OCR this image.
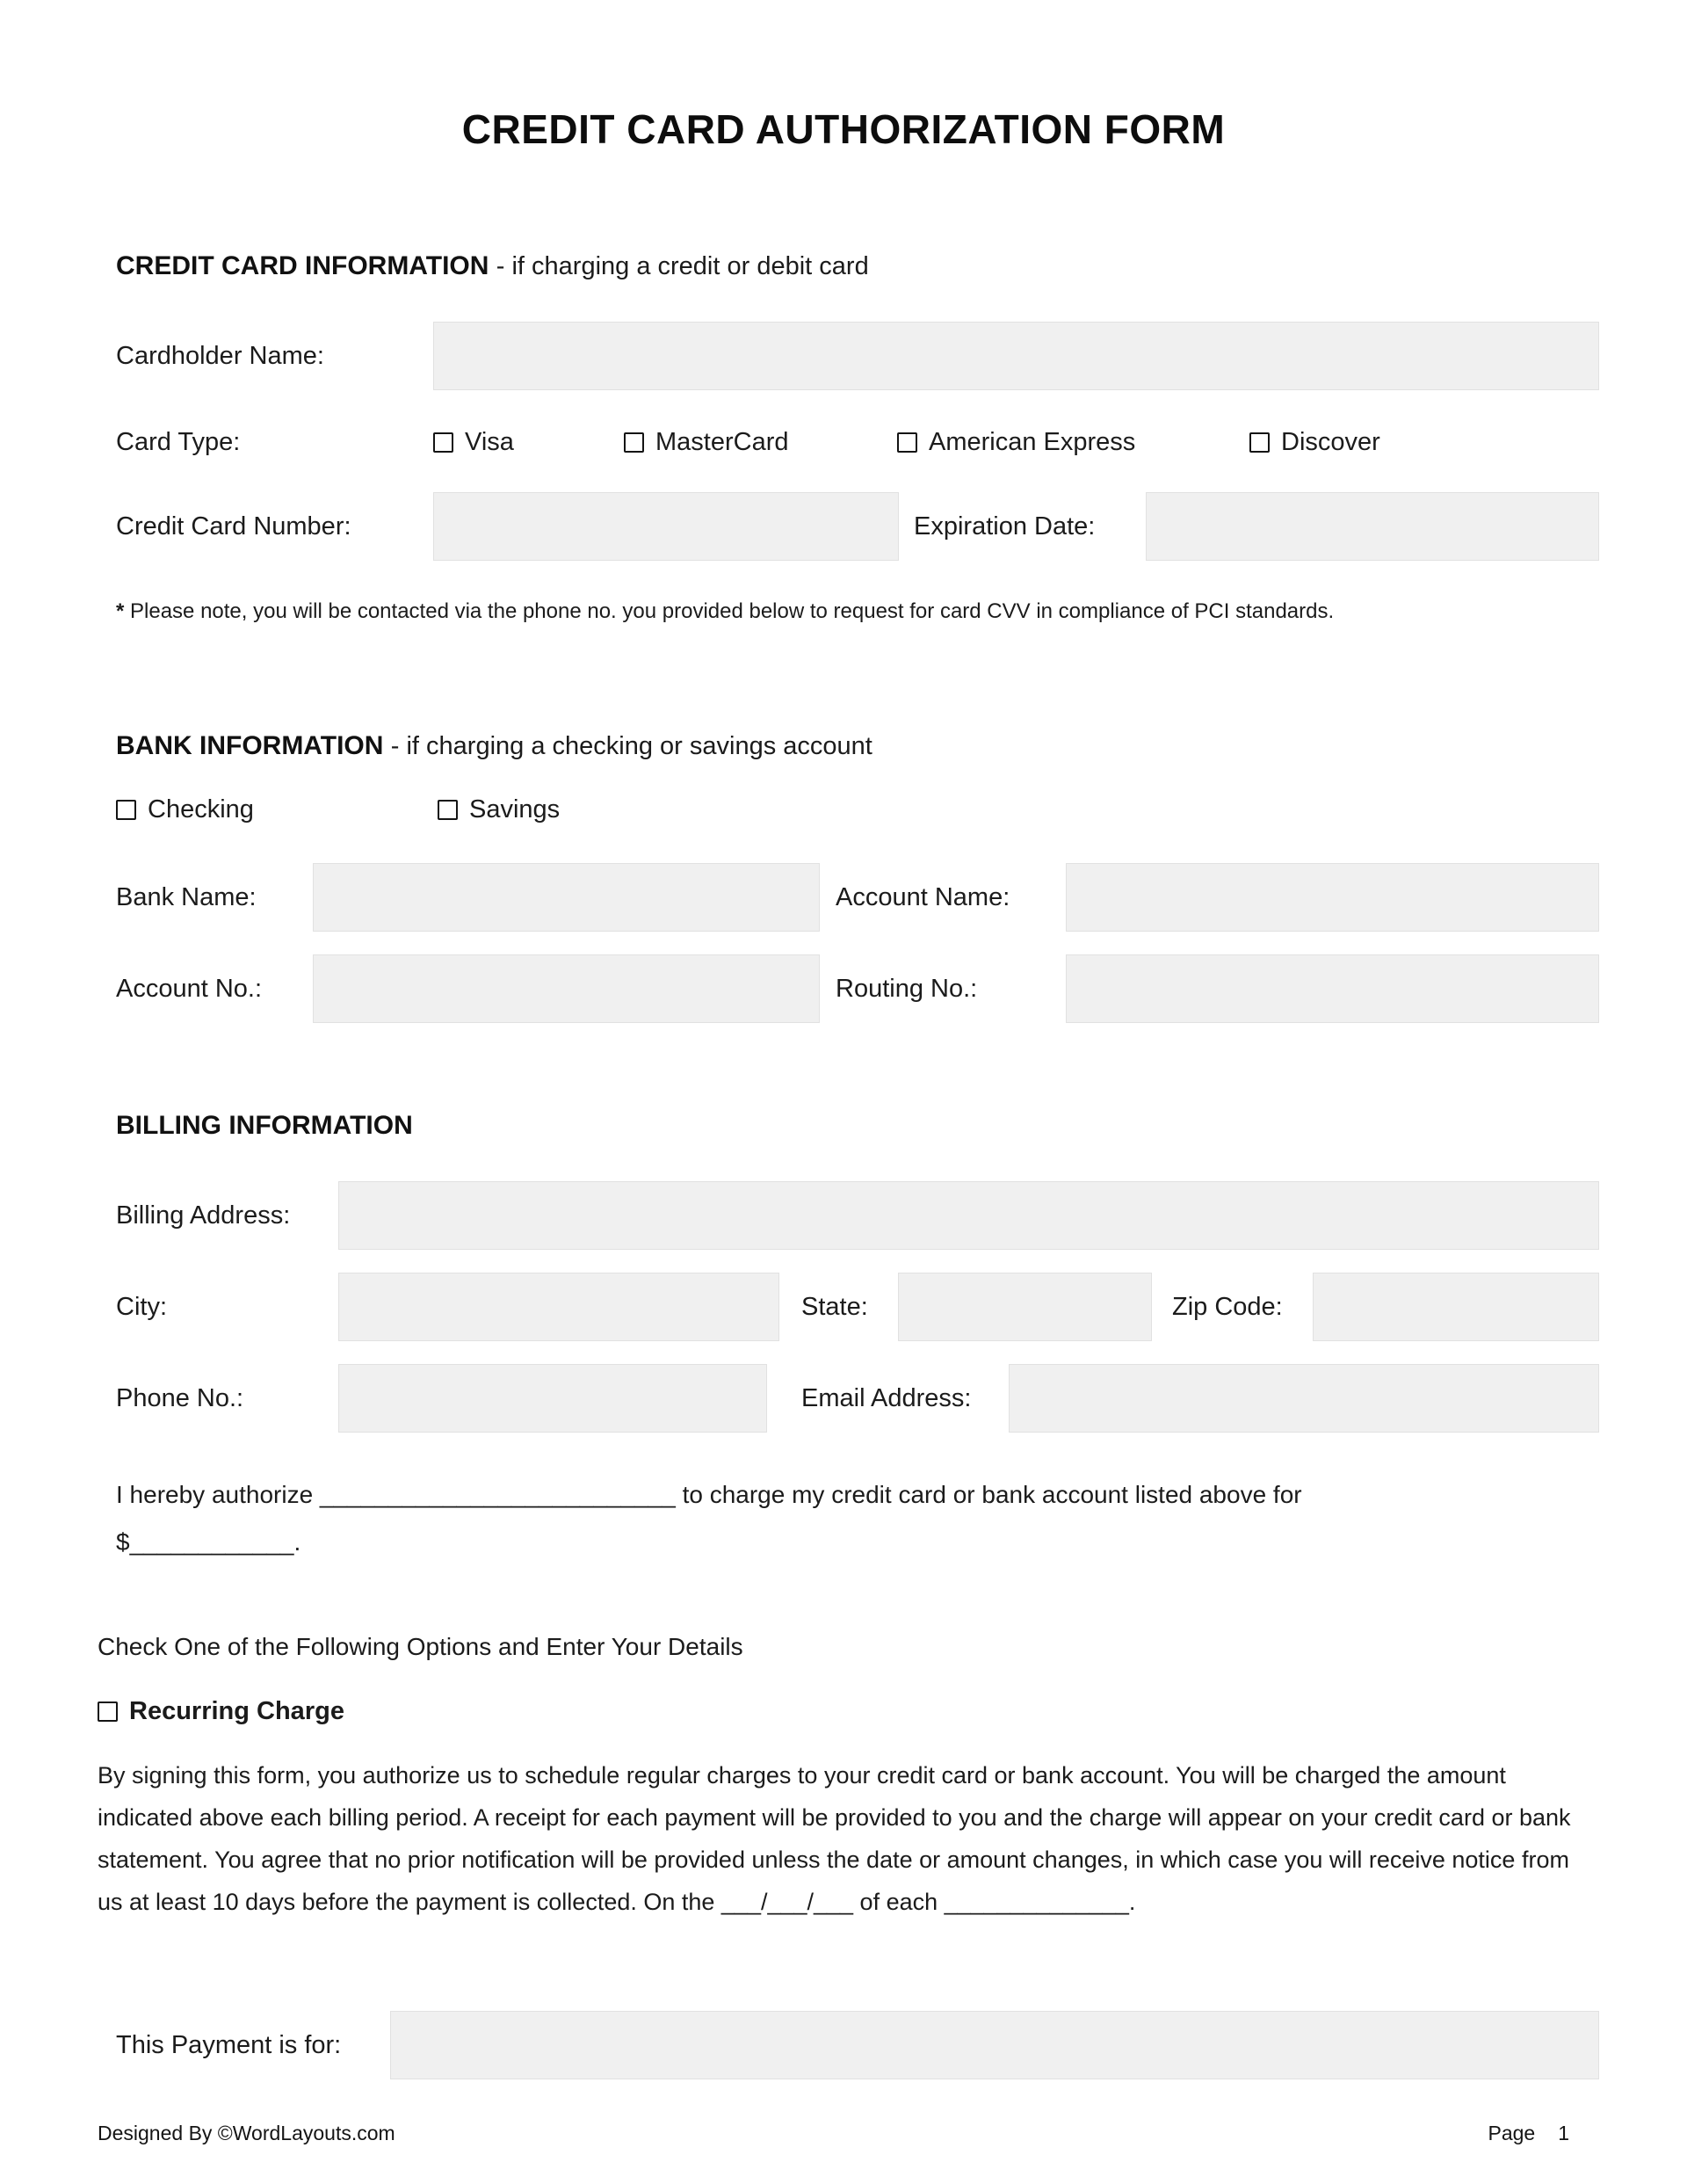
CREDIT CARD AUTHORIZATION FORM
CREDIT CARD INFORMATION - if charging a credit or debit card
Cardholder Name:
Card Type:	Visa	MasterCard	American Express	Discover
Credit Card Number:	Expiration Date:
* Please note, you will be contacted via the phone no. you provided below to request for card CVV in compliance of PCI standards.
BANK INFORMATION - if charging a checking or savings account
Checking	Savings
Bank Name:	Account Name:
Account No.:	Routing No.:
BILLING INFORMATION
Billing Address:
City:	State:	Zip Code:
Phone No.:	Email Address:
I hereby authorize __________________________ to charge my credit card or bank account listed above for
$____________.
Check One of the Following Options and Enter Your Details
Recurring Charge
By signing this form, you authorize us to schedule regular charges to your credit card or bank account. You will be charged the amount indicated above each billing period. A receipt for each payment will be provided to you and the charge will appear on your credit card or bank statement. You agree that no prior notification will be provided unless the date or amount changes, in which case you will receive notice from us at least 10 days before the payment is collected. On the ___/___/___ of each ______________.
This Payment is for:
Designed By ©WordLayouts.com	Page 1
